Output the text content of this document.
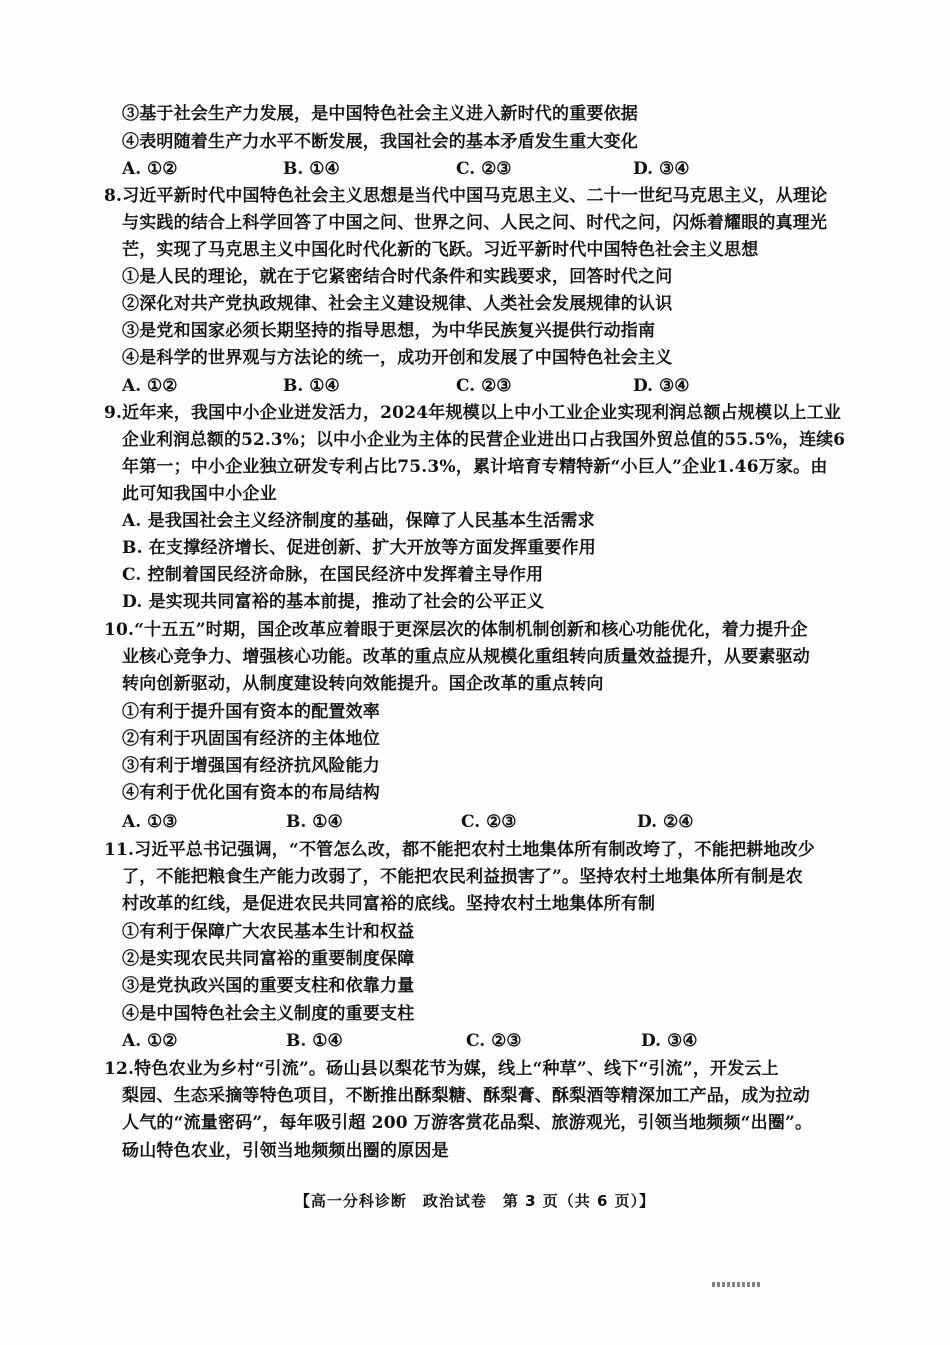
③基于社会生产力发展，是中国特色社会主义进入新时代的重要依据
④表明随着生产力水平不断发展，我国社会的基本矛盾发生重大变化
A. ①②	B. ①④	C. ②③	D. ③④
8.习近平新时代中国特色社会主义思想是当代中国马克思主义、二十一世纪马克思主义，从理论
与实践的结合上科学回答了中国之问、世界之问、人民之问、时代之问，闪烁着耀眼的真理光
芒，实现了马克思主义中国化时代化新的飞跃。习近平新时代中国特色社会主义思想
①是人民的理论，就在于它紧密结合时代条件和实践要求，回答时代之问
②深化对共产党执政规律、社会主义建设规律、人类社会发展规律的认识
③是党和国家必须长期坚持的指导思想，为中华民族复兴提供行动指南
④是科学的世界观与方法论的统一，成功开创和发展了中国特色社会主义
A. ①②	B. ①④	C. ②③	D. ③④
9.近年来，我国中小企业迸发活力，2024年规模以上中小工业企业实现利润总额占规模以上工业
企业利润总额的52.3%；以中小企业为主体的民营企业进出口占我国外贸总值的55.5%，连续6
年第一；中小企业独立研发专利占比75.3%，累计培育专精特新“小巨人”企业1.46万家。由
此可知我国中小企业
A. 是我国社会主义经济制度的基础，保障了人民基本生活需求
B. 在支撑经济增长、促进创新、扩大开放等方面发挥重要作用
C. 控制着国民经济命脉，在国民经济中发挥着主导作用
D. 是实现共同富裕的基本前提，推动了社会的公平正义
10.“十五五”时期，国企改革应着眼于更深层次的体制机制创新和核心功能优化，着力提升企
业核心竞争力、增强核心功能。改革的重点应从规模化重组转向质量效益提升，从要素驱动
转向创新驱动，从制度建设转向效能提升。国企改革的重点转向
①有利于提升国有资本的配置效率
②有利于巩固国有经济的主体地位
③有利于增强国有经济抗风险能力
④有利于优化国有资本的布局结构
A. ①③	B. ①④	C. ②③	D. ②④
11.习近平总书记强调，“不管怎么改，都不能把农村土地集体所有制改垮了，不能把耕地改少
了，不能把粮食生产能力改弱了，不能把农民利益损害了”。坚持农村土地集体所有制是农
村改革的红线，是促进农民共同富裕的底线。坚持农村土地集体所有制
①有利于保障广大农民基本生计和权益
②是实现农民共同富裕的重要制度保障
③是党执政兴国的重要支柱和依靠力量
④是中国特色社会主义制度的重要支柱
A. ①②	B. ①④	C. ②③	D. ③④
12.特色农业为乡村“引流”。砀山县以梨花节为媒，线上“种草”、线下“引流”，开发云上
梨园、生态采摘等特色项目，不断推出酥梨糖、酥梨膏、酥梨酒等精深加工产品，成为拉动
人气的“流量密码”，每年吸引超 200 万游客赏花品梨、旅游观光，引领当地频频“出圈”。
砀山特色农业，引领当地频频出圈的原因是
【高一分科诊断　政治试卷　第 3 页（共 6 页）】
